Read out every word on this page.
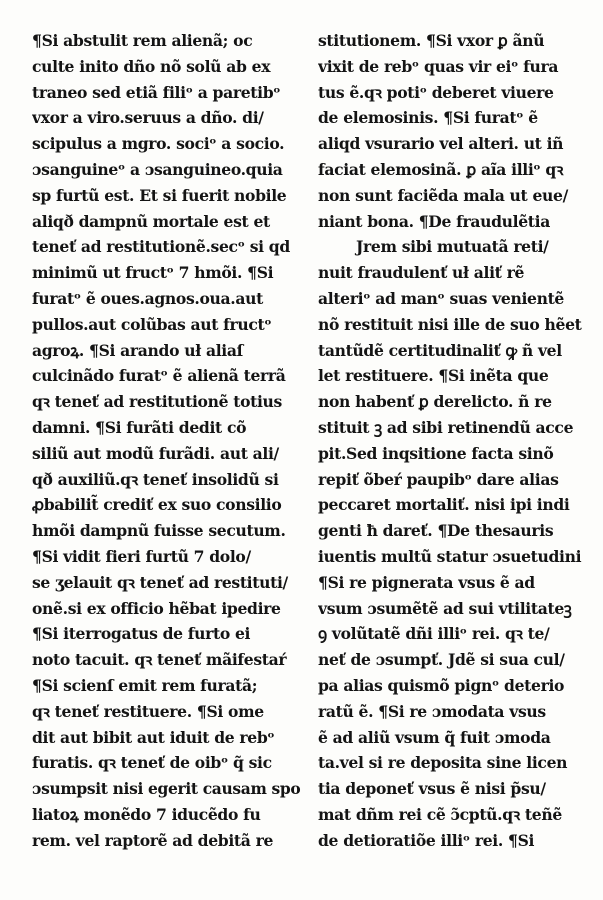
¶Si abstulit rem alienã; oc
culte inito dño nõ solũ ab ex
traneo sed etiã filiᵒ a paretibᵒ
vxor a viro.seruus a dño. di/
scipulus a mgro. sociᵒ a socio.
ɔsanguineᵒ a ɔsanguineo.quia
sp furtũ est. Et si fuerit nobile
aliqð dampnũ mortale est et
teneť ad restitutionẽ.secᵒ si qd
minimũ ut fructᵒ 7 hmõi. ¶Si
furatᵒ ẽ oues.agnos.oua.aut
pullos.aut colũbas aut fructᵒ
agroꝝ. ¶Si arando uł aliaſ
culcinãdo furatᵒ ẽ alienã terrã
qꝛ teneť ad restitutionẽ totius
damni. ¶Si furãti dedit cõ
siliũ aut modũ furãdi. aut ali/
qð auxiliũ.qꝛ teneť insolidũ si
ꝓbabilit̃ crediť ex suo consilio
hmõi dampnũ fuisse secutum.
¶Si vidit fieri furtũ 7 dolo/
se ʒelauit qꝛ teneť ad restituti/
onẽ.si ex officio hẽbat ipedire
¶Si iterrogatus de furto ei
noto tacuit. qꝛ teneť mãifestaŕ
¶Si scienſ emit rem furatã;
qꝛ teneť restituere. ¶Si ome
dit aut bibit aut iduit de rebᵒ
furatis. qꝛ teneť de oibᵒ q̃ sic
ɔsumpsit nisi egerit causam spo
liatoꝝ monẽdo 7 iducẽdo fu
rem. vel raptorẽ ad debitã re
stitutionem. ¶Si vxor ꝑ ãnũ
vixit de rebᵒ quas vir eiᵒ fura
tus ẽ.qꝛ potiᵒ deberet viuere
de elemosinis. ¶Si furatᵒ ẽ
aliqd vsurario vel alteri. ut iñ
faciat elemosinã. ꝑ aĩa illiᵒ qꝛ
non sunt faciẽda mala ut eue/
niant bona. ¶De fraudulẽtia
Jrem sibi mutuatã reti/
nuit fraudulenť uł aliť rẽ
alteriᵒ ad manᵒ suas venientẽ
nõ restituit nisi ille de suo hẽet
tantũdẽ certitudinaliť ꝙ ñ vel
let restituere. ¶Si inẽta que
non habenť ꝑ derelicto. ñ re
stituit ꝫ ad sibi retinendũ acce
pit.Sed inqsitione facta sinõ
repiť õbeŕ paupibᵒ dare alias
peccaret mortaliť. nisi ipi indi
genti ħ dareť. ¶De thesauris
iuentis multũ statur ɔsuetudini
¶Si re pignerata vsus ẽ ad
vsum ɔsumẽtẽ ad sui vtilitateꝫ
ꝯ volũtatẽ dñi illiᵒ rei. qꝛ te/
neť de ɔsumpť. Jdẽ si sua cul/
pa alias quismõ pignᵒ deterio
ratũ ẽ. ¶Si re ɔmodata vsus
ẽ ad aliũ vsum q̃ fuit ɔmoda
ta.vel si re deposita sine licen
tia deponeť vsus ẽ nisi p̃su/
mat dñm rei cẽ ɔ̃cptũ.qꝛ teñẽ
de detioratiõe illiᵒ rei. ¶Si
